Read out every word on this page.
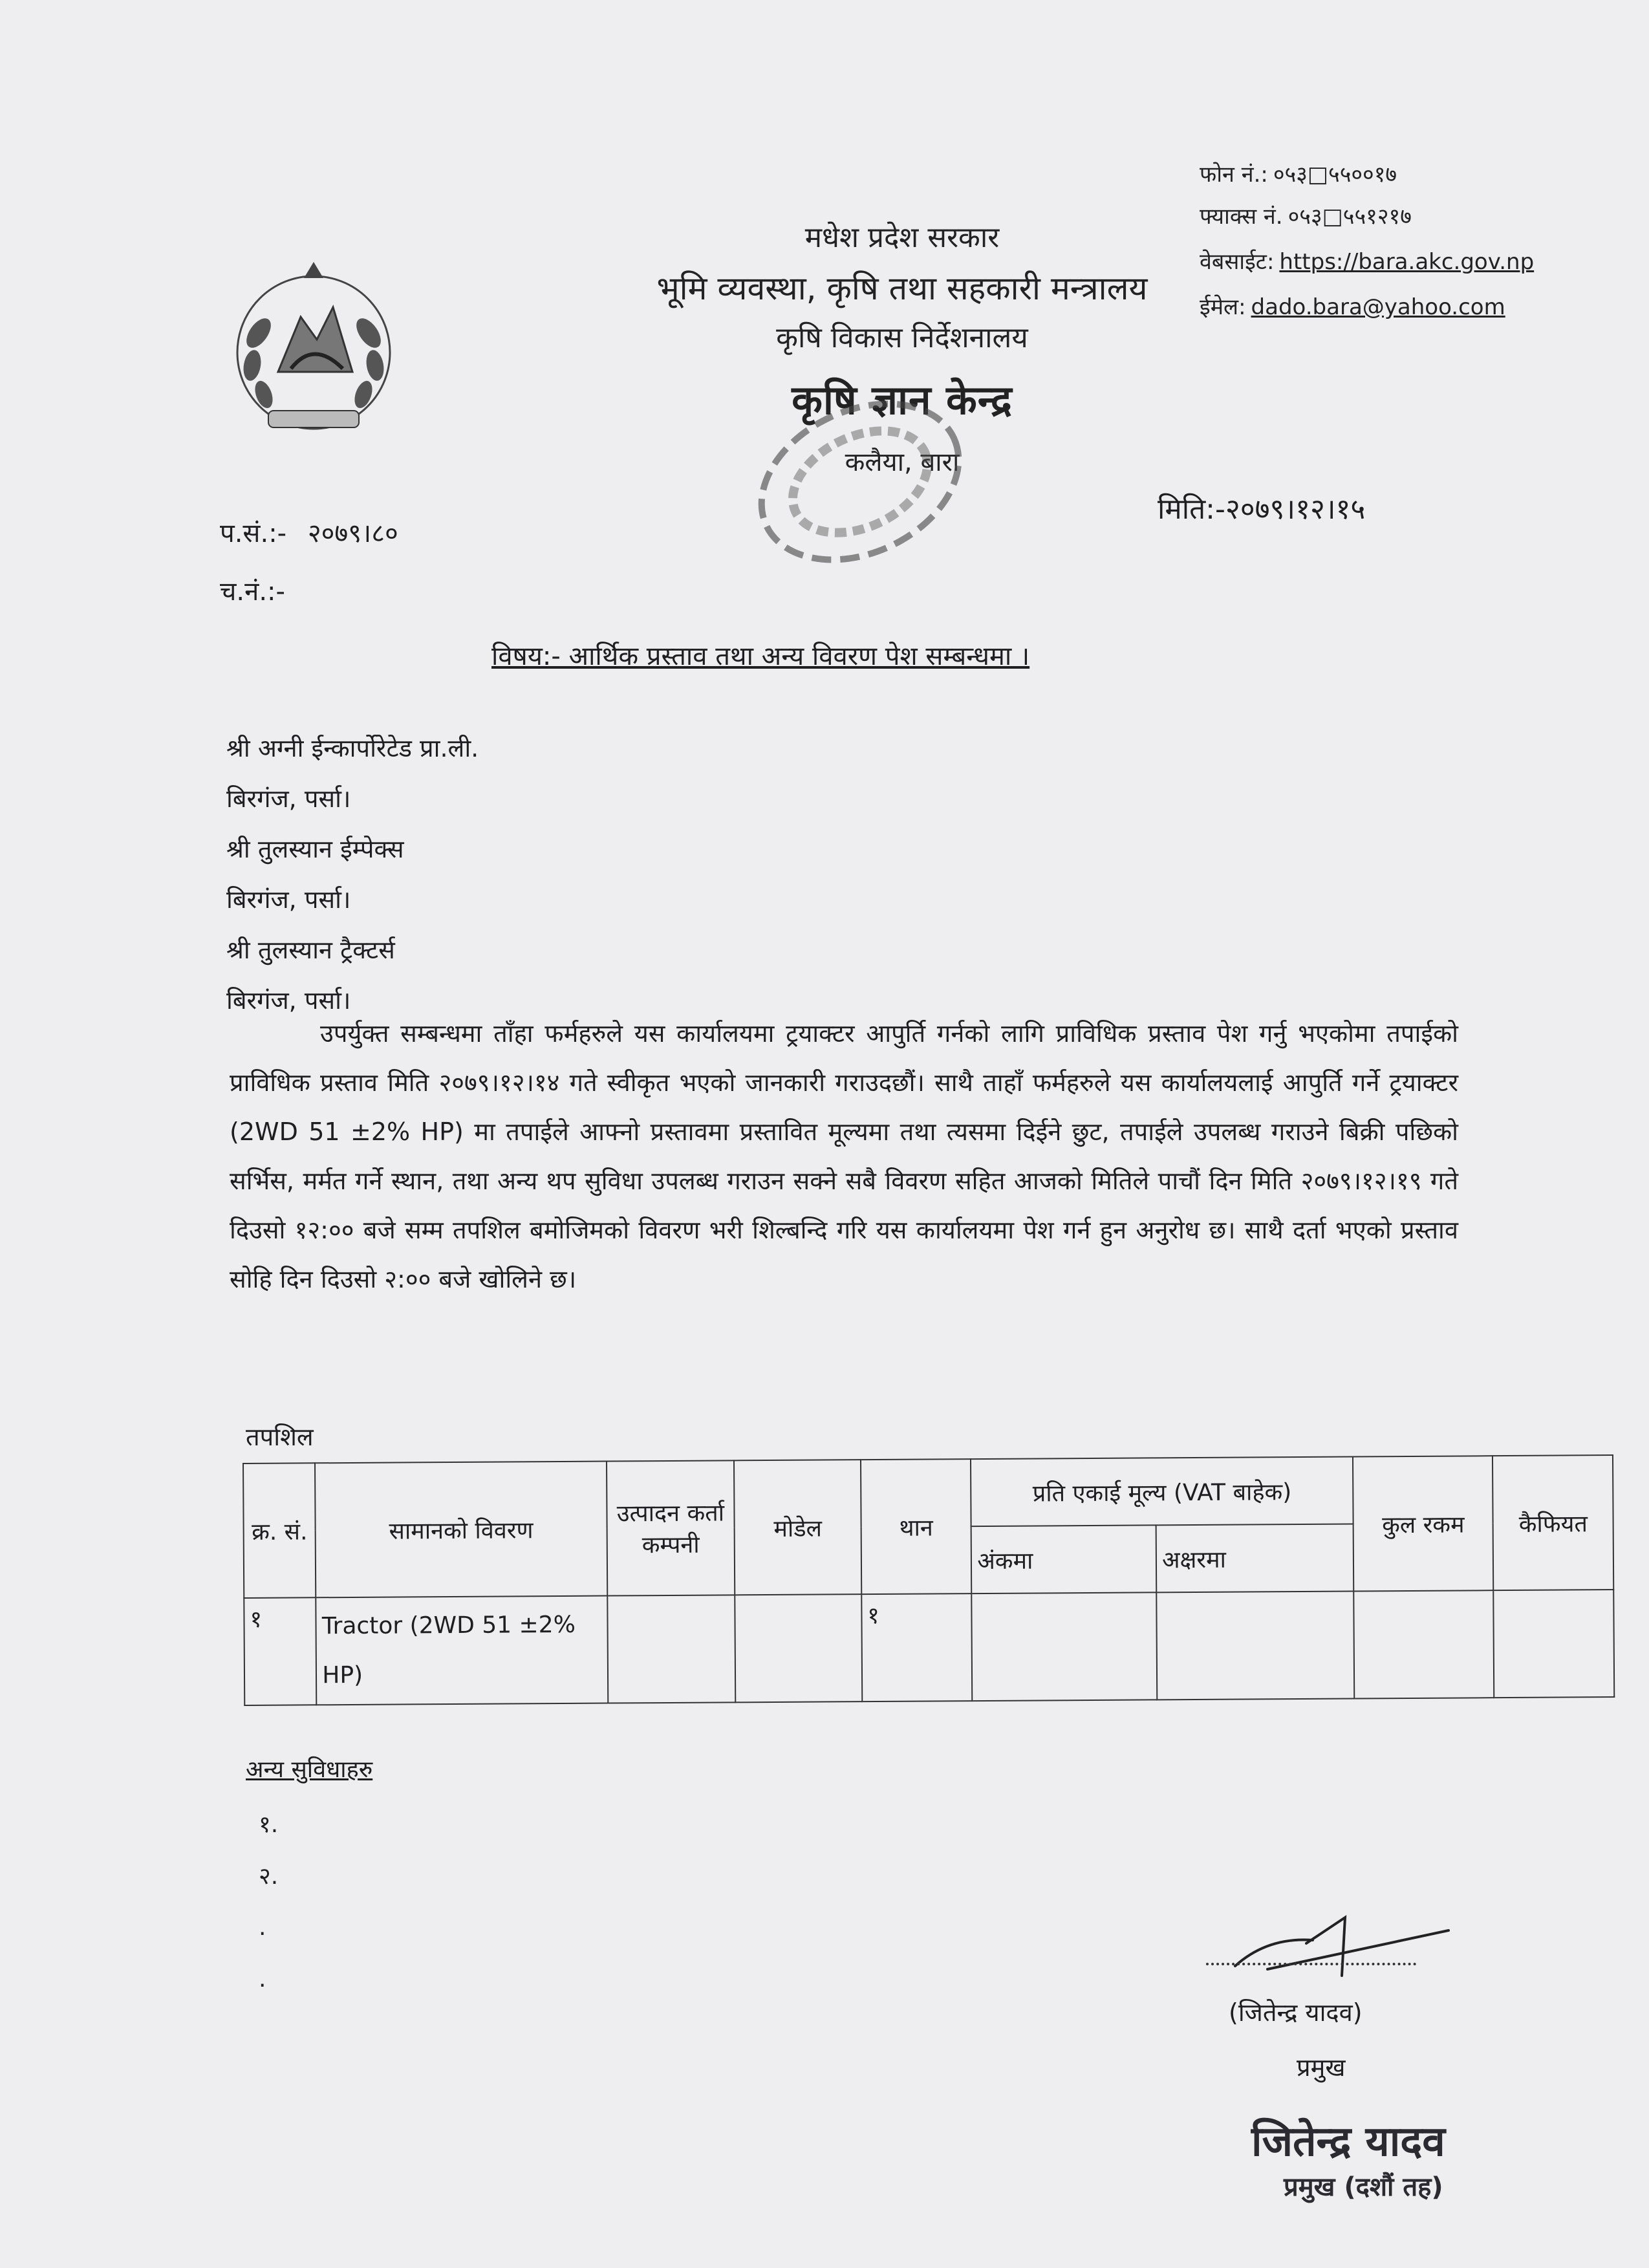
मधेश प्रदेश सरकार
भूमि व्यवस्था, कृषि तथा सहकारी मन्त्रालय
कृषि विकास निर्देशनालय
कृषि ज्ञान केन्द्र
कलैया, बारा
फोन नं.: ०५३□५५००१७
फ्याक्स नं. ०५३□५५१२१७
वेबसाईट: https://bara.akc.gov.np
ईमेल: dado.bara@yahoo.com
प.सं.:- २०७९।८०
च.नं.:-
मिति:-२०७९।१२।१५
विषय:- आर्थिक प्रस्ताव तथा अन्य विवरण पेश सम्बन्धमा ।
श्री अग्नी ईन्कार्पोरेटेड प्रा.ली.
बिरगंज, पर्सा।
श्री तुलस्यान ईम्पेक्स
बिरगंज, पर्सा।
श्री तुलस्यान ट्रैक्टर्स
बिरगंज, पर्सा।
उपर्युक्त सम्बन्धमा ताँहा फर्महरुले यस कार्यालयमा ट्रयाक्टर आपुर्ति गर्नको लागि प्राविधिक प्रस्ताव पेश गर्नु भएकोमा तपाईको प्राविधिक प्रस्ताव मिति २०७९।१२।१४ गते स्वीकृत भएको जानकारी गराउदछौं। साथै ताहाँ फर्महरुले यस कार्यालयलाई आपुर्ति गर्ने ट्रयाक्टर (2WD 51 ±2% HP) मा तपाईले आफ्नो प्रस्तावमा प्रस्तावित मूल्यमा तथा त्यसमा दिईने छुट, तपाईले उपलब्ध गराउने बिक्री पछिको सर्भिस, मर्मत गर्ने स्थान, तथा अन्य थप सुविधा उपलब्ध गराउन सक्ने सबै विवरण सहित आजको मितिले पाचौं दिन मिति २०७९।१२।१९ गते दिउसो १२:०० बजे सम्म तपशिल बमोजिमको विवरण भरी शिल्बन्दि गरि यस कार्यालयमा पेश गर्न हुन अनुरोध छ। साथै दर्ता भएको प्रस्ताव सोहि दिन दिउसो २:०० बजे खोलिने छ।
तपशिल
क्र. सं.	सामानको विवरण	उत्पादन कर्ता कम्पनी	मोडेल	थान	प्रति एकाई मूल्य (VAT बाहेक)		कुल रकम	कैफियत
					अंकमा	अक्षरमा		
१	Tractor (2WD 51 ±2% HP)			१				
अन्य सुविधाहरु
१.
२.
.
.
(जितेन्द्र यादव)
प्रमुख
जितेन्द्र यादव
प्रमुख (दशौं तह)
